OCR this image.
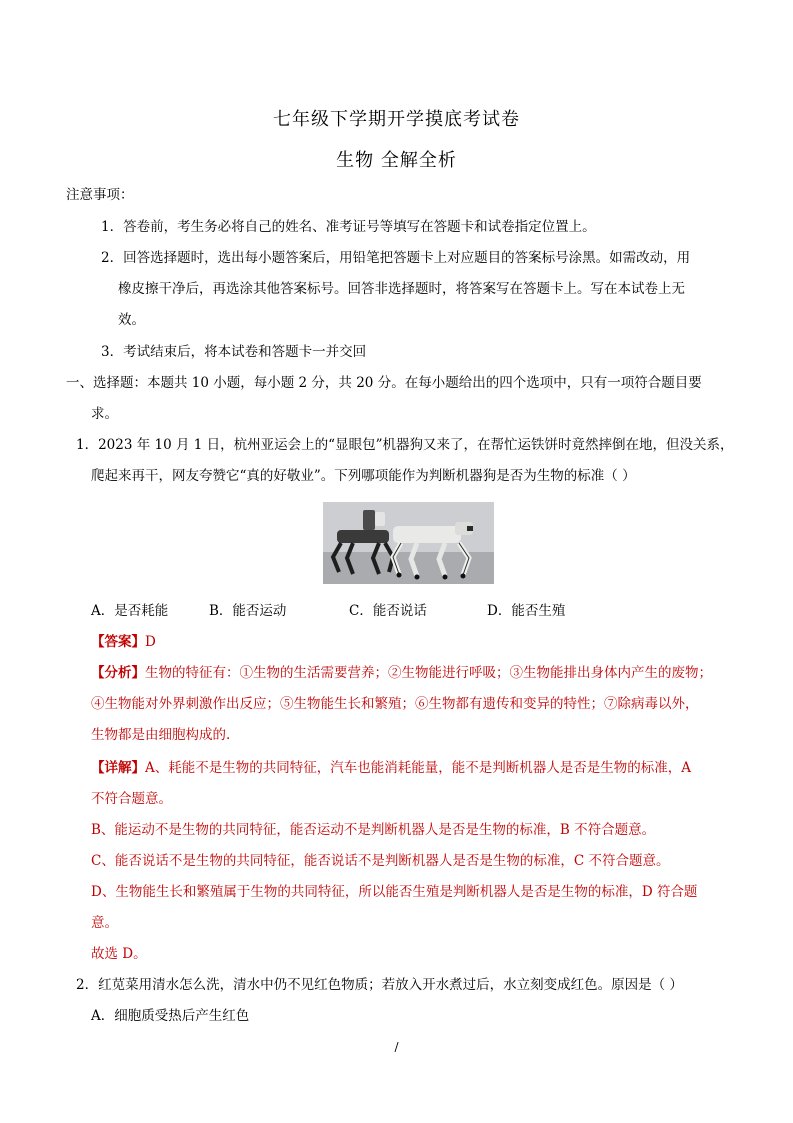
七年级下学期开学摸底考试卷
生物 全解全析
注意事项：
1．答卷前，考生务必将自己的姓名、准考证号等填写在答题卡和试卷指定位置上。
2．回答选择题时，选出每小题答案后，用铅笔把答题卡上对应题目的答案标号涂黑。如需改动，用
橡皮擦干净后，再选涂其他答案标号。回答非选择题时，将答案写在答题卡上。写在本试卷上无
效。
3．考试结束后，将本试卷和答题卡一并交回
一、选择题：本题共 10 小题，每小题 2 分，共 20 分。在每小题给出的四个选项中，只有一项符合题目要
求。
1．2023 年 10 月 1 日，杭州亚运会上的“显眼包”机器狗又来了，在帮忙运铁饼时竟然摔倒在地，但没关系，
爬起来再干，网友夸赞它“真的好敬业”。下列哪项能作为判断机器狗是否为生物的标准（ ）
A．是否耗能	B．能否运动	C．能否说话	D．能否生殖
【答案】D
【分析】生物的特征有：①生物的生活需要营养；②生物能进行呼吸；③生物能排出身体内产生的废物；
④生物能对外界刺激作出反应；⑤生物能生长和繁殖；⑥生物都有遗传和变异的特性；⑦除病毒以外，
生物都是由细胞构成的.
【详解】A、耗能不是生物的共同特征，汽车也能消耗能量，能不是判断机器人是否是生物的标准，A
不符合题意。
B、能运动不是生物的共同特征，能否运动不是判断机器人是否是生物的标准，B 不符合题意。
C、能否说话不是生物的共同特征，能否说话不是判断机器人是否是生物的标准，C 不符合题意。
D、生物能生长和繁殖属于生物的共同特征，所以能否生殖是判断机器人是否是生物的标准，D 符合题
意。
故选 D。
2．红苋菜用清水怎么洗，清水中仍不见红色物质；若放入开水煮过后，水立刻变成红色。原因是（ ）
A．细胞质受热后产生红色
/
